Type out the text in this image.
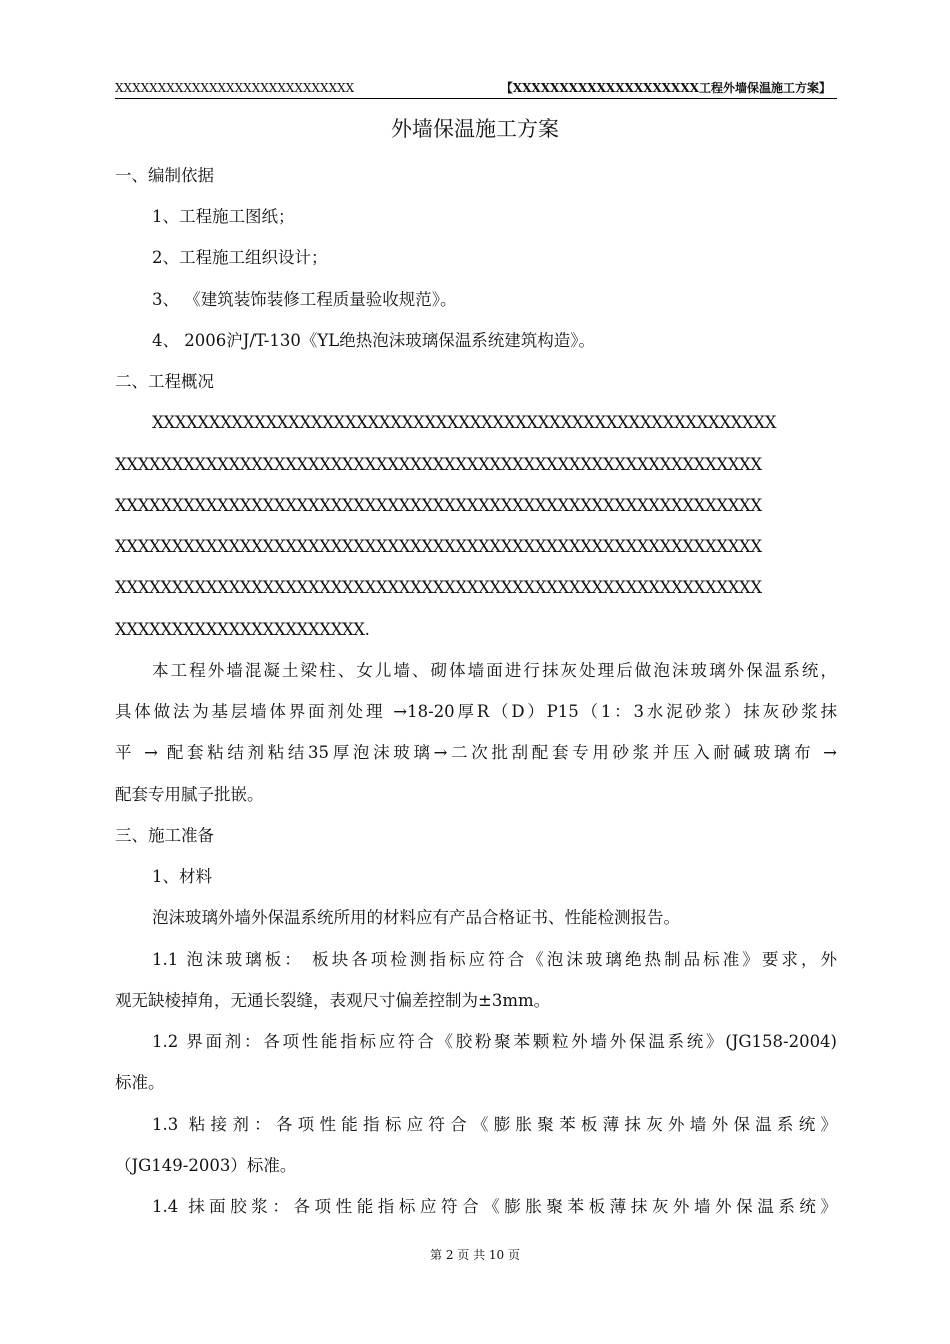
XXXXXXXXXXXXXXXXXXXXXXXXXXXX	【XXXXXXXXXXXXXXXXXXXX工程外墙保温施工方案】
外墙保温施工方案
一、编制依据
1、工程施工图纸；
2、工程施工组织设计；
3、 《建筑装饰装修工程质量验收规范》。
4、 2006沪J/T-130《YL绝热泡沫玻璃保温系统建筑构造》。
二、工程概况
XXXXXXXXXXXXXXXXXXXXXXXXXXXXXXXXXXXXXXXXXXXXXXXXXXXXXXX
XXXXXXXXXXXXXXXXXXXXXXXXXXXXXXXXXXXXXXXXXXXXXXXXXXXXXXXXX
XXXXXXXXXXXXXXXXXXXXXXXXXXXXXXXXXXXXXXXXXXXXXXXXXXXXXXXXX
XXXXXXXXXXXXXXXXXXXXXXXXXXXXXXXXXXXXXXXXXXXXXXXXXXXXXXXXX
XXXXXXXXXXXXXXXXXXXXXXXXXXXXXXXXXXXXXXXXXXXXXXXXXXXXXXXXX
XXXXXXXXXXXXXXXXXXXXXX.
本工程外墙混凝土梁柱、女儿墙、砌体墙面进行抹灰处理后做泡沫玻璃外保温系统，
具体做法为基层墙体界面剂处理 →18-20厚R（D）P15（1：3水泥砂浆）抹灰砂浆抹
平 → 配套粘结剂粘结35厚泡沫玻璃→二次批刮配套专用砂浆并压入耐碱玻璃布 →
配套专用腻子批嵌。
三、施工准备
1、材料
泡沫玻璃外墙外保温系统所用的材料应有产品合格证书、性能检测报告。
1.1 泡沫玻璃板： 板块各项检测指标应符合《泡沫玻璃绝热制品标准》要求，外
观无缺棱掉角，无通长裂缝，表观尺寸偏差控制为±3mm。
1.2 界面剂：各项性能指标应符合《胶粉聚苯颗粒外墙外保温系统》(JG158-2004)
标准。
1.3 粘接剂：各项性能指标应符合《膨胀聚苯板薄抹灰外墙外保温系统》
（JG149-2003）标准。
1.4 抹面胶浆：各项性能指标应符合《膨胀聚苯板薄抹灰外墙外保温系统》
第 2 页 共 10 页
